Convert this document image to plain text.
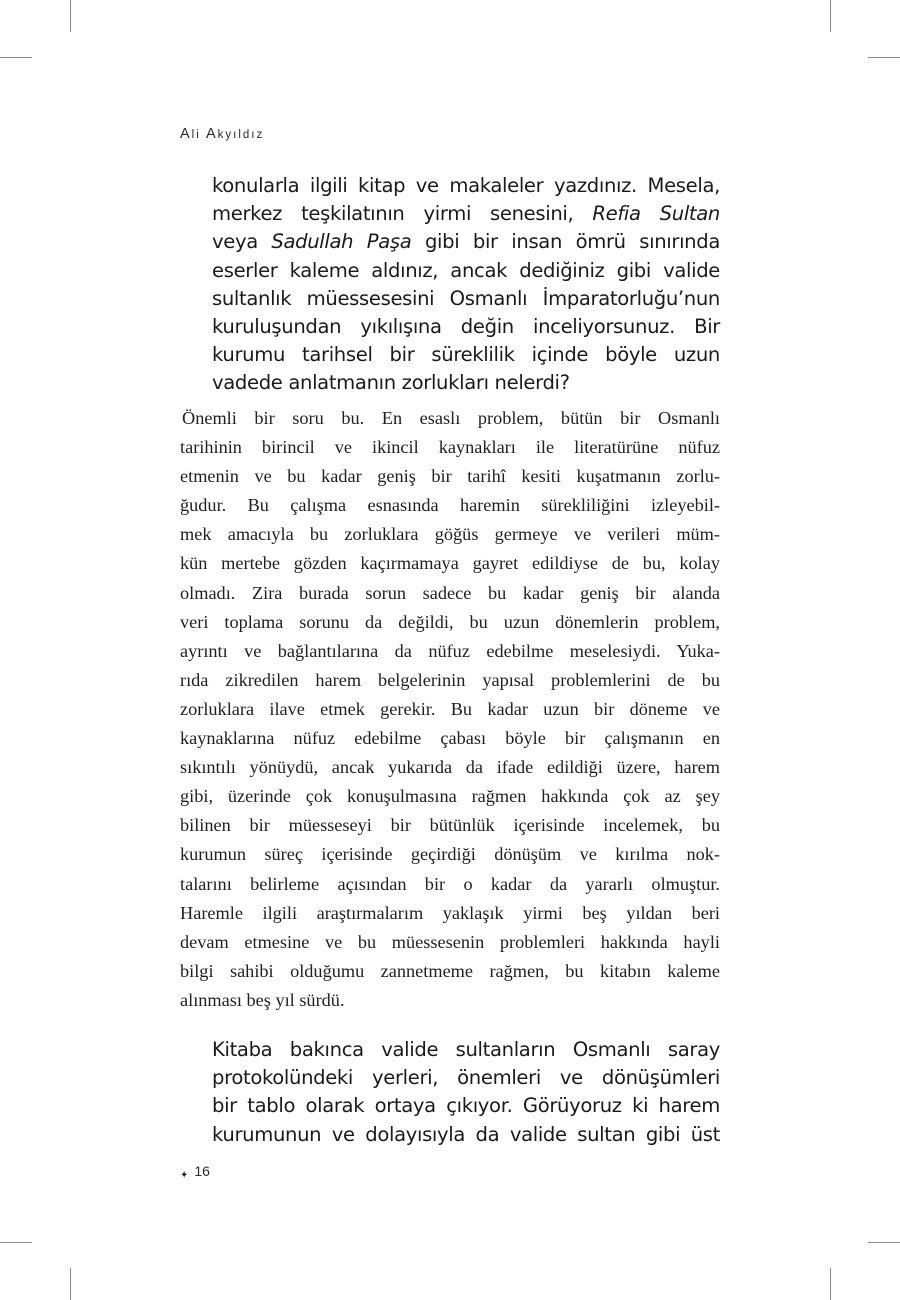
Ali Akyıldız
konularla ilgili kitap ve makaleler yazdınız. Mesela,
merkez teşkilatının yirmi senesini, Refia Sultan
veya Sadullah Paşa gibi bir insan ömrü sınırında
eserler kaleme aldınız, ancak dediğiniz gibi valide
sultanlık müessesesini Osmanlı İmparatorluğu’nun
kuruluşundan yıkılışına değin inceliyorsunuz. Bir
kurumu tarihsel bir süreklilik içinde böyle uzun
vadede anlatmanın zorlukları nelerdi?
Önemli bir soru bu. En esaslı problem, bütün bir Osmanlı
tarihinin birincil ve ikincil kaynakları ile literatürüne nüfuz
etmenin ve bu kadar geniş bir tarihî kesiti kuşatmanın zorlu-
ğudur. Bu çalışma esnasında haremin sürekliliğini izleyebil-
mek amacıyla bu zorluklara göğüs germeye ve verileri müm-
kün mertebe gözden kaçırmamaya gayret edildiyse de bu, kolay
olmadı. Zira burada sorun sadece bu kadar geniş bir alanda
veri toplama sorunu da değildi, bu uzun dönemlerin problem,
ayrıntı ve bağlantılarına da nüfuz edebilme meselesiydi. Yuka-
rıda zikredilen harem belgelerinin yapısal problemlerini de bu
zorluklara ilave etmek gerekir. Bu kadar uzun bir döneme ve
kaynaklarına nüfuz edebilme çabası böyle bir çalışmanın en
sıkıntılı yönüydü, ancak yukarıda da ifade edildiği üzere, harem
gibi, üzerinde çok konuşulmasına rağmen hakkında çok az şey
bilinen bir müesseseyi bir bütünlük içerisinde incelemek, bu
kurumun süreç içerisinde geçirdiği dönüşüm ve kırılma nok-
talarını belirleme açısından bir o kadar da yararlı olmuştur.
Haremle ilgili araştırmalarım yaklaşık yirmi beş yıldan beri
devam etmesine ve bu müessesenin problemleri hakkında hayli
bilgi sahibi olduğumu zannetmeme rağmen, bu kitabın kaleme
alınması beş yıl sürdü.
Kitaba bakınca valide sultanların Osmanlı saray
protokolündeki yerleri, önemleri ve dönüşümleri
bir tablo olarak ortaya çıkıyor. Görüyoruz ki harem
kurumunun ve dolayısıyla da valide sultan gibi üst
✦ 16
